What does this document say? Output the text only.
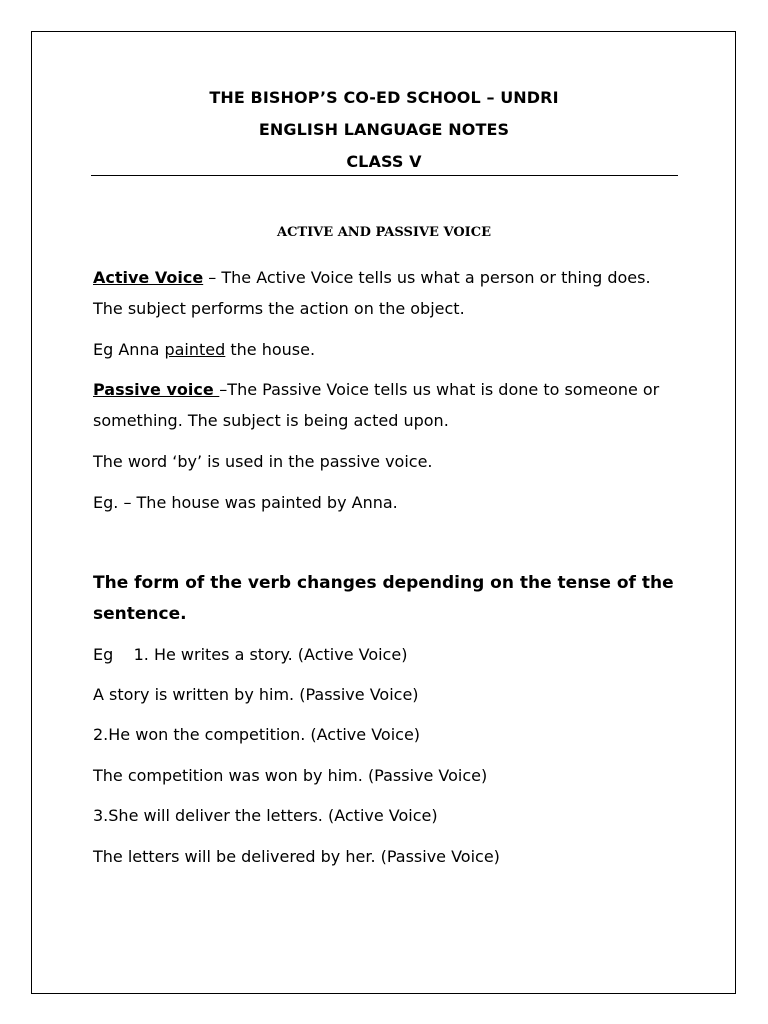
THE BISHOP’S CO-ED SCHOOL – UNDRI
ENGLISH LANGUAGE NOTES
CLASS V
ACTIVE AND PASSIVE VOICE
Active Voice – The Active Voice tells us what a person or thing does.
The subject performs the action on the object.
Eg Anna painted the house.
Passive voice –The Passive Voice tells us what is done to someone or
something. The subject is being acted upon.
The word ‘by’ is used in the passive voice.
Eg. – The house was painted by Anna.
The form of the verb changes depending on the tense of the
sentence.
Eg    1. He writes a story. (Active Voice)
A story is written by him. (Passive Voice)
2.He won the competition. (Active Voice)
The competition was won by him. (Passive Voice)
3.She will deliver the letters. (Active Voice)
The letters will be delivered by her. (Passive Voice)
